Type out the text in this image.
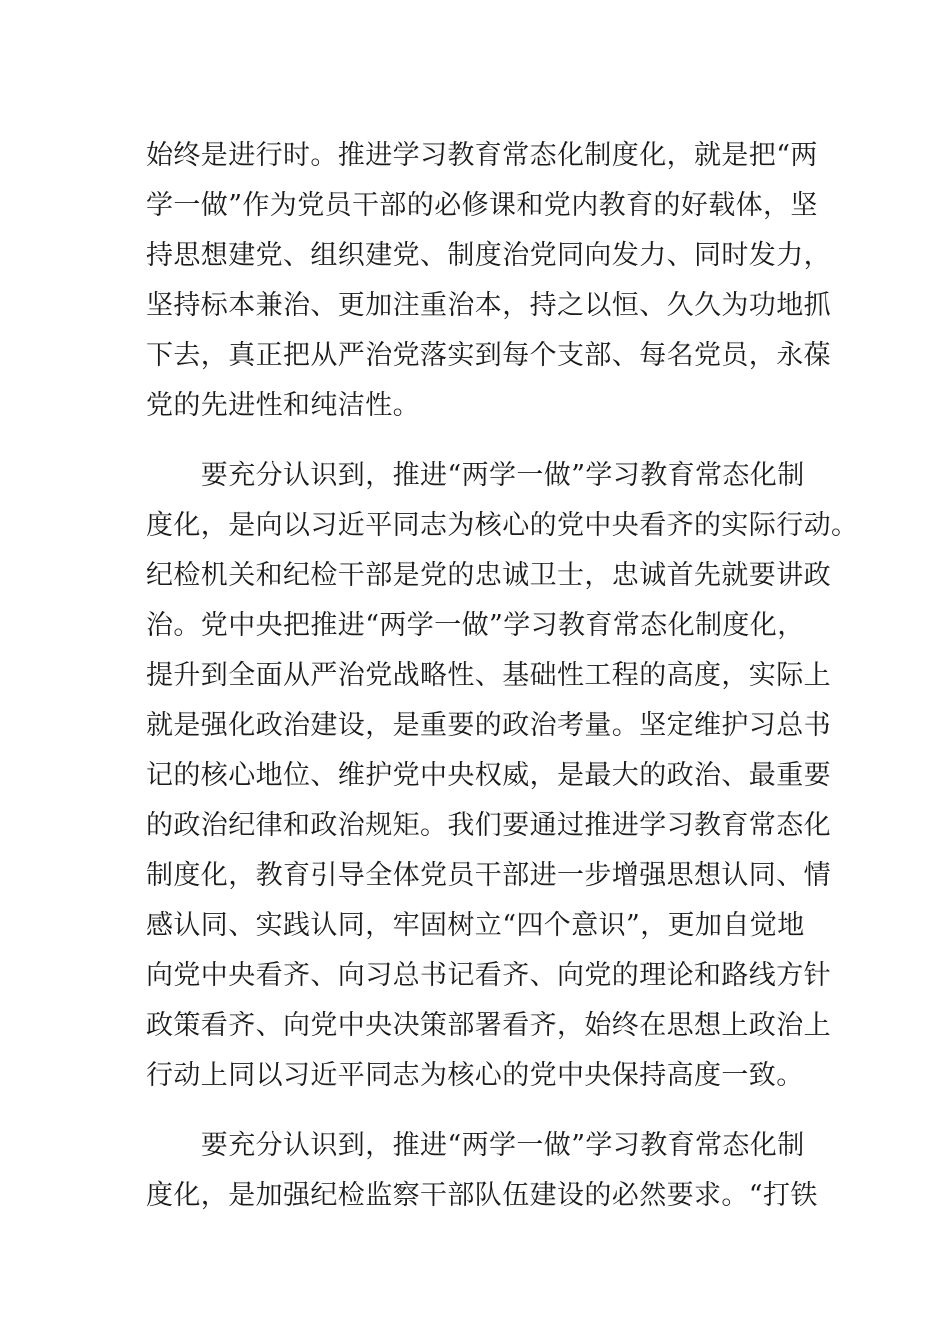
始终是进行时。推进学习教育常态化制度化，就是把“两
学一做”作为党员干部的必修课和党内教育的好载体，坚
持思想建党、组织建党、制度治党同向发力、同时发力，
坚持标本兼治、更加注重治本，持之以恒、久久为功地抓
下去，真正把从严治党落实到每个支部、每名党员，永葆
党的先进性和纯洁性。
　　要充分认识到，推进“两学一做”学习教育常态化制
度化，是向以习近平同志为核心的党中央看齐的实际行动。
纪检机关和纪检干部是党的忠诚卫士，忠诚首先就要讲政
治。党中央把推进“两学一做”学习教育常态化制度化，
提升到全面从严治党战略性、基础性工程的高度，实际上
就是强化政治建设，是重要的政治考量。坚定维护习总书
记的核心地位、维护党中央权威，是最大的政治、最重要
的政治纪律和政治规矩。我们要通过推进学习教育常态化
制度化，教育引导全体党员干部进一步增强思想认同、情
感认同、实践认同，牢固树立“四个意识”，更加自觉地
向党中央看齐、向习总书记看齐、向党的理论和路线方针
政策看齐、向党中央决策部署看齐，始终在思想上政治上
行动上同以习近平同志为核心的党中央保持高度一致。
　　要充分认识到，推进“两学一做”学习教育常态化制
度化，是加强纪检监察干部队伍建设的必然要求。“打铁
